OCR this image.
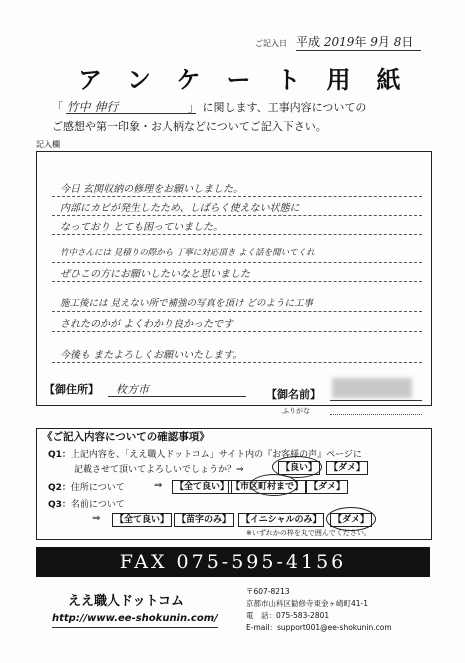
ご記入日 平成 2019年 9月 8日
アンケート用紙
「 竹中 伸行	」 に関します、工事内容についての
ご感想や第一印象・お人柄などについてご記入下さい。
記入欄
今日 玄関収納の修理をお願いしました。
内部にカビが発生したため、しばらく使えない状態に
なっており とても困っていました。
竹中さんには 見積りの際から 丁寧に対応頂き よく話を聞いてくれ
ぜひこの方にお願いしたいなと思いました
施工後には 見えない所で補強の写真を頂け どのように工事
されたのかが よくわかり良かったです
今後も またよろしくお願いいたします。
【御住所】 枚方市	【御名前】
ふりがな
《ご記入内容についての確認事項》
Q1：上記内容を、「ええ職人ドットコム」サイト内の『お客様の声』ページに
記載させて頂いてよろしいでしょうか？⇒	【良い】	【ダメ】
Q2：住所について	⇒	【全て良い】 【市区町村まで】 【ダメ】
Q3：名前について
⇒	【全て良い】 【苗字のみ】	【イニシャルのみ】	【ダメ】
※いずれかの枠を丸で囲んでください。
FAX 075-595-4156
ええ職人ドットコム
http://www.ee-shokunin.com/
〒607-8213
京都市山科区勧修寺東金ヶ崎町41-1
電　話：075-583-2801
E-mail：support001@ee-shokunin.com
